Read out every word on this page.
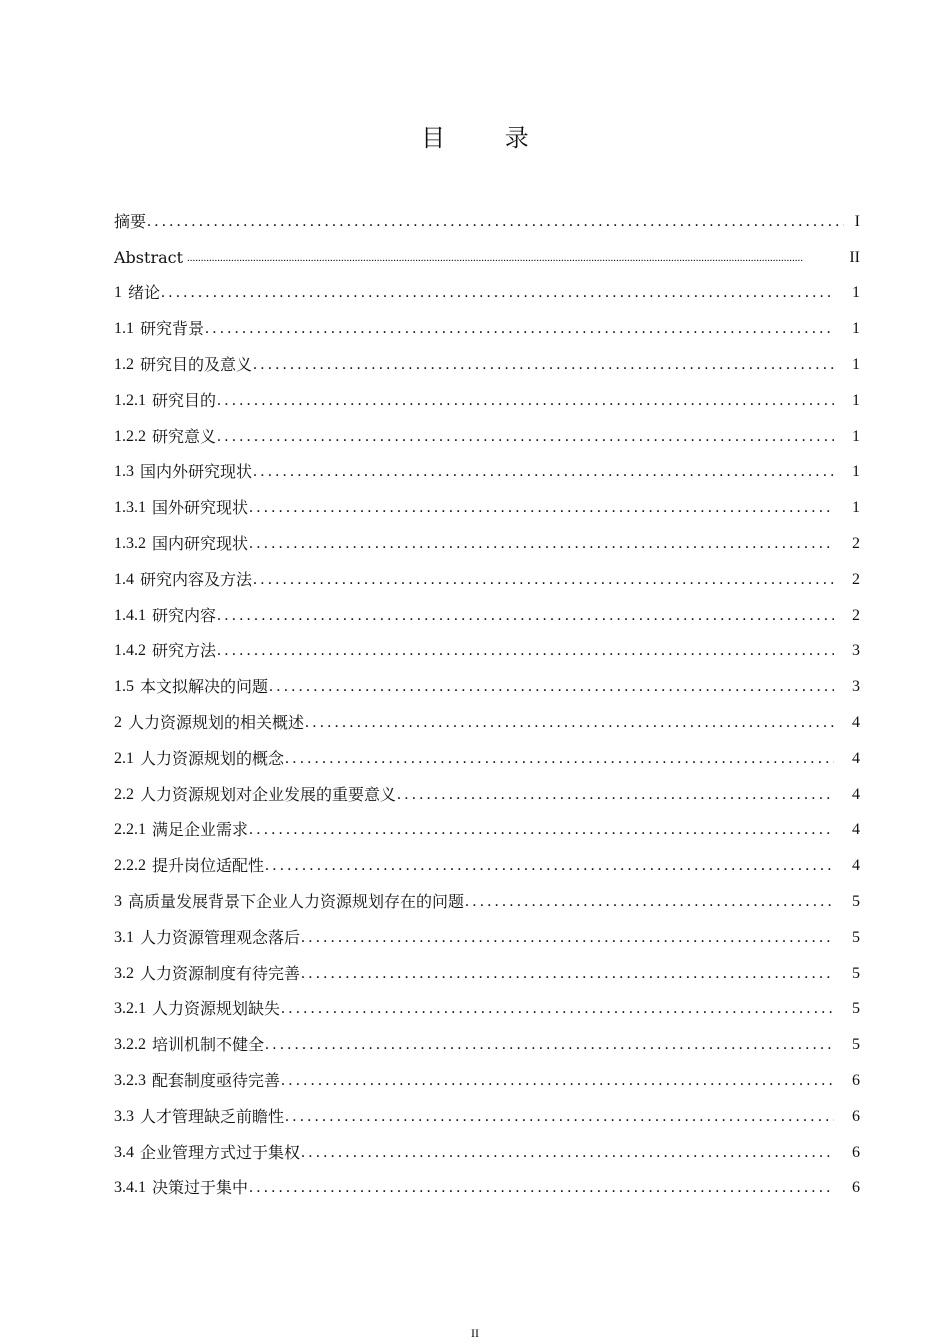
目 录
摘要 .....	I
Abstract .....	II
1 绪论 .....	1
1.1 研究背景 .....	1
1.2 研究目的及意义 .....	1
1.2.1 研究目的 .....	1
1.2.2 研究意义 .....	1
1.3 国内外研究现状 .....	1
1.3.1 国外研究现状 .....	1
1.3.2 国内研究现状 .....	2
1.4 研究内容及方法 .....	2
1.4.1 研究内容 .....	2
1.4.2 研究方法 .....	3
1.5 本文拟解决的问题 .....	3
2 人力资源规划的相关概述 .....	4
2.1 人力资源规划的概念 .....	4
2.2 人力资源规划对企业发展的重要意义 .....	4
2.2.1 满足企业需求 .....	4
2.2.2 提升岗位适配性 .....	4
3 高质量发展背景下企业人力资源规划存在的问题 .....	5
3.1 人力资源管理观念落后 .....	5
3.2 人力资源制度有待完善 .....	5
3.2.1 人力资源规划缺失 .....	5
3.2.2 培训机制不健全 .....	5
3.2.3 配套制度亟待完善 .....	6
3.3 人才管理缺乏前瞻性 .....	6
3.4 企业管理方式过于集权 .....	6
3.4.1 决策过于集中 .....	6
II
